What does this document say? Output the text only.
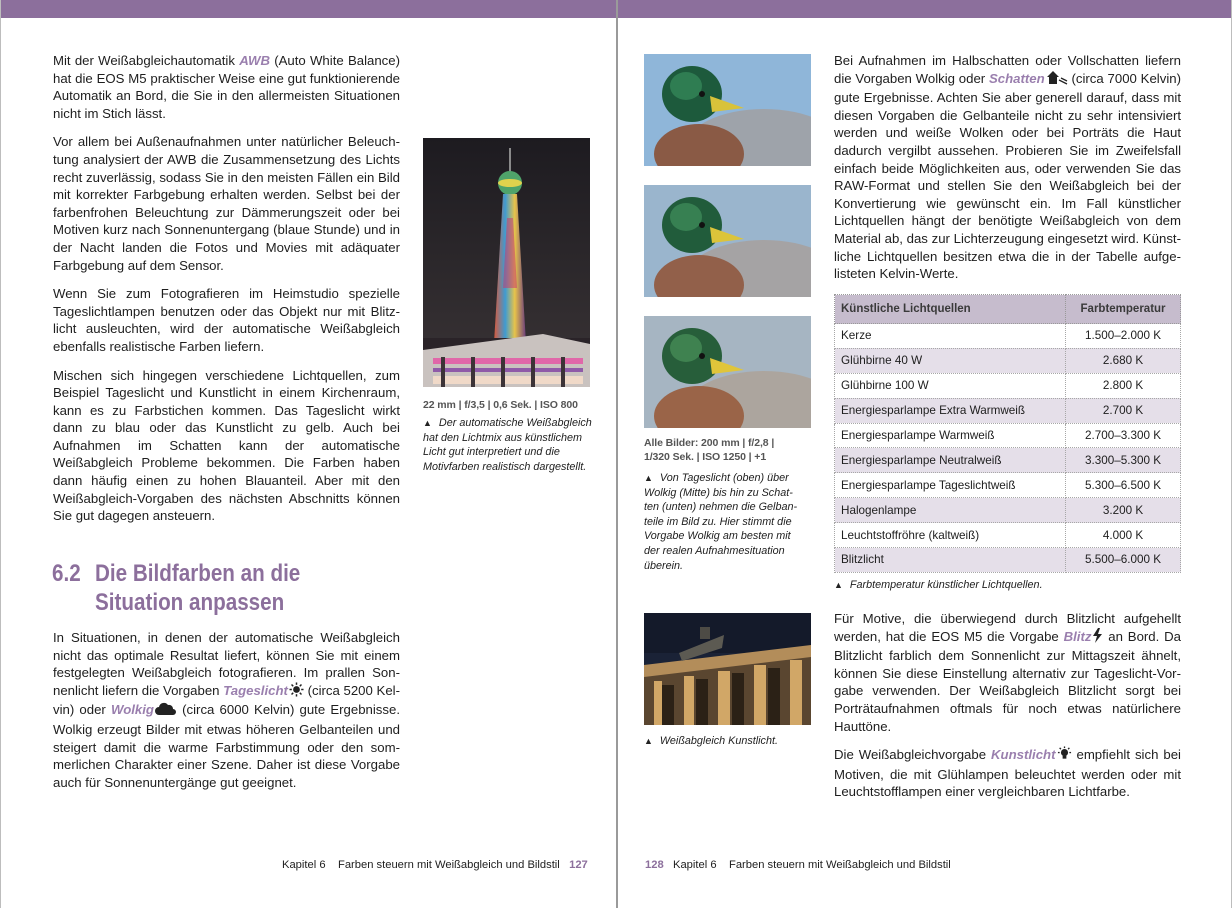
Mit der Weißabgleichautomatik AWB (Auto White Balance) hat die EOS M5 praktischer Weise eine gut funktionierende Automatik an Bord, die Sie in den allermeisten Situationen nicht im Stich lässt.

Vor allem bei Außenaufnahmen unter natürlicher Beleuchtung analysiert der AWB die Zusammensetzung des Lichts recht zuverlässig, sodass Sie in den meisten Fällen ein Bild mit korrekter Farbgebung erhalten werden. Selbst bei der farbenfrohen Beleuchtung zur Dämmerungszeit oder bei Motiven kurz nach Sonnenuntergang (blaue Stunde) und in der Nacht landen die Fotos und Movies mit adäquater Farbgebung auf dem Sensor.

Wenn Sie zum Fotografieren im Heimstudio spezielle Tageslichtlampen benutzen oder das Objekt nur mit Blitzlicht ausleuchten, wird der automatische Weißabgleich ebenfalls realistische Farben liefern.

Mischen sich hingegen verschiedene Lichtquellen, zum Beispiel Tageslicht und Kunstlicht in einem Kirchenraum, kann es zu Farbstichen kommen. Das Tageslicht wirkt dann zu blau oder das Kunstlicht zu gelb. Auch bei Aufnahmen im Schatten kann der automatische Weißabgleich Probleme bekommen. Die Farben haben dann häufig einen zu hohen Blauanteil. Aber mit den Weißabgleich-Vorgaben des nächsten Abschnitts können Sie gut dagegen ansteuern.

22 mm | f/3,5 | 0,6 Sek. | ISO 800
▲ Der automatische Weißabgleich hat den Lichtmix aus künstlichem Licht gut interpretiert und die Motivfarben realistisch dargestellt.
6.2 Die Bildfarben an die
Situation anpassen

In Situationen, in denen der automatische Weißabgleich nicht das optimale Resultat liefert, können Sie mit einem festgelegten Weißabgleich fotografieren. Im prallen Sonnenlicht liefern die Vorgaben Tageslicht (circa 5200 Kelvin) oder Wolkig (circa 6000 Kelvin) gute Ergebnisse. Wolkig erzeugt Bilder mit etwas höheren Gelbanteilen und steigert damit die warme Farbstimmung oder den sommerlichen Charakter einer Szene. Daher ist diese Vorgabe auch für Sonnenuntergänge gut geeignet.

Kapitel 6 Farben steuern mit Weißabgleich und Bildstil 127
Alle Bilder: 200 mm | f/2,8 |
1/320 Sek. | ISO 1250 | +1
▲ Von Tageslicht (oben) über Wolkig (Mitte) bis hin zu Schatten (unten) nehmen die Gelbanteile im Bild zu. Hier stimmt die Vorgabe Wolkig am besten mit der realen Aufnahmesituation überein.
▲ Weißabgleich Kunstlicht.

Bei Aufnahmen im Halbschatten oder Vollschatten liefern die Vorgaben Wolkig oder Schatten (circa 7000 Kelvin) gute Ergebnisse. Achten Sie aber generell darauf, dass mit diesen Vorgaben die Gelbanteile nicht zu sehr intensiviert werden und weiße Wolken oder bei Porträts die Haut dadurch vergilbt aussehen. Probieren Sie im Zweifelsfall einfach beide Möglichkeiten aus, oder verwenden Sie das RAW-Format und stellen Sie den Weißabgleich bei der Konvertierung wie gewünscht ein. Im Fall künstlicher Lichtquellen hängt der benötigte Weißabgleich von dem Material ab, das zur Lichterzeugung eingesetzt wird. Künstliche Lichtquellen besitzen etwa die in der Tabelle aufgelisteten Kelvin-Werte.

Künstliche Lichtquellen	Farbtemperatur
Kerze	1.500–2.000 K
Glühbirne 40 W	2.680 K
Glühbirne 100 W	2.800 K
Energiesparlampe Extra Warmweiß	2.700 K
Energiesparlampe Warmweiß	2.700–3.300 K
Energiesparlampe Neutralweiß	3.300–5.300 K
Energiesparlampe Tageslichtweiß	5.300–6.500 K
Halogenlampe	3.200 K
Leuchtstoffröhre (kaltweiß)	4.000 K
Blitzlicht	5.500–6.000 K
▲ Farbtemperatur künstlicher Lichtquellen.

Für Motive, die überwiegend durch Blitzlicht aufgehellt werden, hat die EOS M5 die Vorgabe Blitz an Bord. Da Blitzlicht farblich dem Sonnenlicht zur Mittagszeit ähnelt, können Sie diese Einstellung alternativ zur Tageslicht-Vorgabe verwenden. Der Weißabgleich Blitzlicht sorgt bei Porträtaufnahmen oftmals für noch etwas natürlichere Hauttöne.

Die Weißabgleichvorgabe Kunstlicht empfiehlt sich bei Motiven, die mit Glühlampen beleuchtet werden oder mit Leuchtstofflampen einer vergleichbaren Lichtfarbe.

128 Kapitel 6 Farben steuern mit Weißabgleich und Bildstil
